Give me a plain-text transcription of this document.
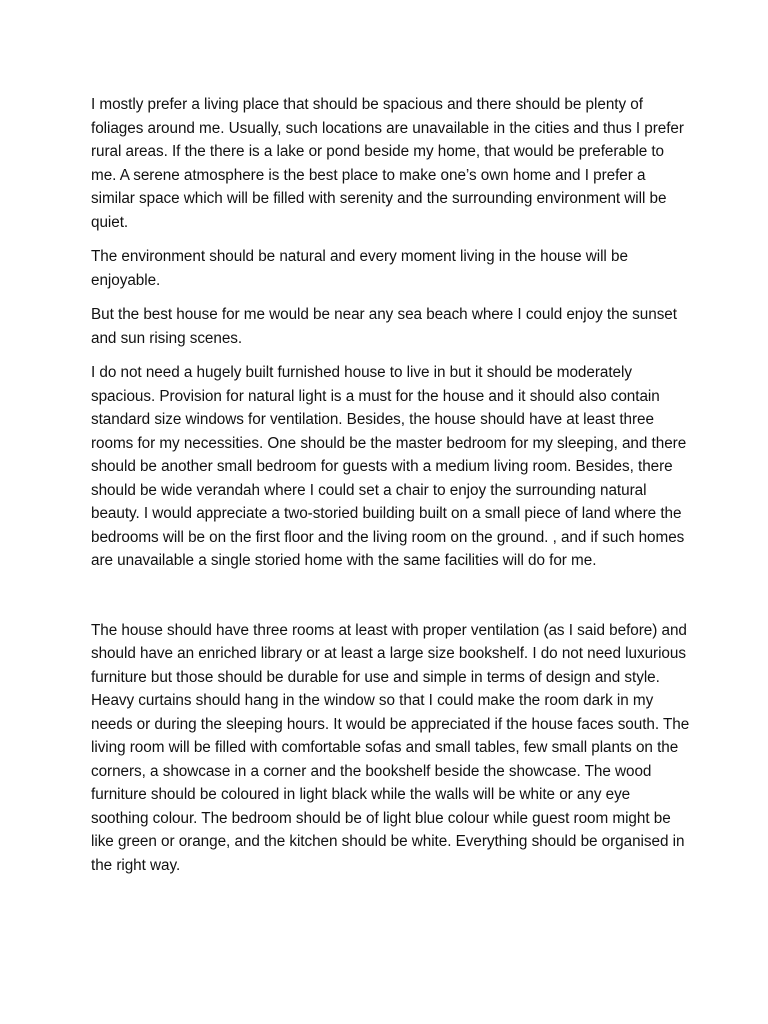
I mostly prefer a living place that should be spacious and there should be plenty of foliages around me. Usually, such locations are unavailable in the cities and thus I prefer rural areas. If the there is a lake or pond beside my home, that would be preferable to me. A serene atmosphere is the best place to make one’s own home and I prefer a similar space which will be filled with serenity and the surrounding environment will be quiet.

The environment should be natural and every moment living in the house will be enjoyable.

But the best house for me would be near any sea beach where I could enjoy the sunset and sun rising scenes.

I do not need a hugely built furnished house to live in but it should be moderately spacious. Provision for natural light is a must for the house and it should also contain standard size windows for ventilation. Besides, the house should have at least three rooms for my necessities. One should be the master bedroom for my sleeping, and there should be another small bedroom for guests with a medium living room. Besides, there should be wide verandah where I could set a chair to enjoy the surrounding natural beauty. I would appreciate a two-storied building built on a small piece of land where the bedrooms will be on the first floor and the living room on the ground. , and if such homes are unavailable a single storied home with the same facilities will do for me.

The house should have three rooms at least with proper ventilation (as I said before) and should have an enriched library or at least a large size bookshelf. I do not need luxurious furniture but those should be durable for use and simple in terms of design and style. Heavy curtains should hang in the window so that I could make the room dark in my needs or during the sleeping hours. It would be appreciated if the house faces south. The living room will be filled with comfortable sofas and small tables, few small plants on the corners, a showcase in a corner and the bookshelf beside the showcase. The wood furniture should be coloured in light black while the walls will be white or any eye soothing colour. The bedroom should be of light blue colour while guest room might be like green or orange, and the kitchen should be white. Everything should be organised in the right way.
